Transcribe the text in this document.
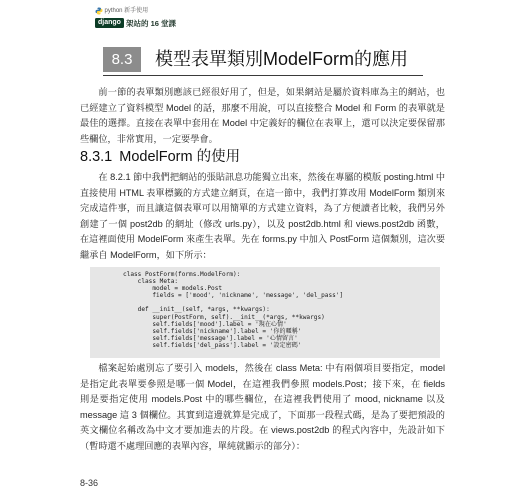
python 新手使用
django 架站的 16 堂課
8.3	模型表單類別ModelForm的應用
前一節的表單類別應該已經很好用了，但是，如果網站是屬於資料庫為主的網站，也
已經建立了資料模型 Model 的話，那麼不用說，可以直接整合 Model 和 Form 的表單就是
最佳的選擇。直接在表單中套用在 Model 中定義好的欄位在表單上，還可以決定要保留那
些欄位，非常實用，一定要學會。
8.3.1 ModelForm 的使用
在 8.2.1 節中我們把網站的張貼訊息功能獨立出來，然後在專屬的模版 posting.html 中
直接使用 HTML 表單標籤的方式建立網頁，在這一節中，我們打算改用 ModelForm 類別來
完成這件事，而且讓這個表單可以用簡單的方式建立資料，為了方便讀者比較，我們另外
創建了一個 post2db 的網址（修改 urls.py），以及 post2db.html 和 views.post2db 函數，
在這裡面使用 ModelForm 來產生表單。先在 forms.py 中加入 PostForm 這個類別，這次要
繼承自 ModelForm，如下所示：
class PostForm(forms.ModelForm):
class Meta:
model = models.Post
fields = ['mood', 'nickname', 'message', 'del_pass']

def __init__(self, *args, **kwargs):
super(PostForm, self).__init__(*args, **kwargs)
self.fields['mood'].label = '現在心情'
self.fields['nickname'].label = '你的暱稱'
self.fields['message'].label = '心情留言'
self.fields['del_pass'].label = '設定密碼'
檔案起始處別忘了要引入 models，然後在 class Meta: 中有兩個項目要指定，model
是指定此表單要參照是哪一個 Model，在這裡我們參照 models.Post；接下來，在 fields
則是要指定使用 models.Post 中的哪些欄位，在這裡我們使用了 mood, nickname 以及
message 這 3 個欄位。其實到這邊就算是完成了，下面那一段程式碼，是為了要把預設的
英文欄位名稱改為中文才要加進去的片段。在 views.post2db 的程式內容中，先設計如下
（暫時還不處理回應的表單內容，單純就顯示的部分）：
8-36
